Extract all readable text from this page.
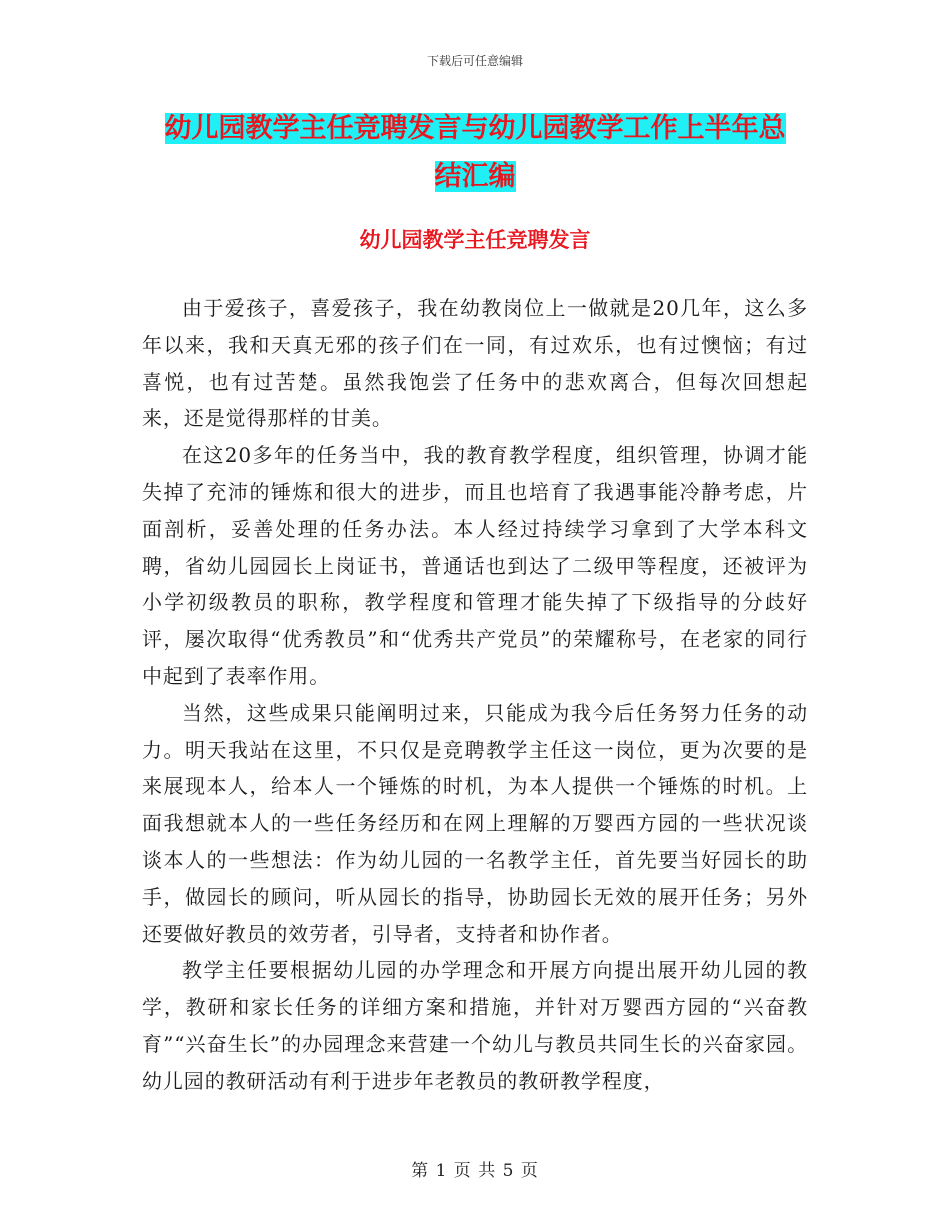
下载后可任意编辑
幼儿园教学主任竞聘发言与幼儿园教学工作上半年总
结汇编
幼儿园教学主任竞聘发言

由于爱孩子，喜爱孩子，我在幼教岗位上一做就是20几年，这么多年以来，我和天真无邪的孩子们在一同，有过欢乐，也有过懊恼；有过喜悦，也有过苦楚。虽然我饱尝了任务中的悲欢离合，但每次回想起来，还是觉得那样的甘美。

在这20多年的任务当中，我的教育教学程度，组织管理，协调才能失掉了充沛的锤炼和很大的进步，而且也培育了我遇事能冷静考虑，片面剖析，妥善处理的任务办法。本人经过持续学习拿到了大学本科文聘，省幼儿园园长上岗证书，普通话也到达了二级甲等程度，还被评为小学初级教员的职称，教学程度和管理才能失掉了下级指导的分歧好评，屡次取得“优秀教员”和“优秀共产党员”的荣耀称号，在老家的同行中起到了表率作用。

当然，这些成果只能阐明过来，只能成为我今后任务努力任务的动力。明天我站在这里，不只仅是竞聘教学主任这一岗位，更为次要的是来展现本人，给本人一个锤炼的时机，为本人提供一个锤炼的时机。上面我想就本人的一些任务经历和在网上理解的万婴西方园的一些状况谈谈本人的一些想法：作为幼儿园的一名教学主任，首先要当好园长的助手，做园长的顾问，听从园长的指导，协助园长无效的展开任务；另外还要做好教员的效劳者，引导者，支持者和协作者。

教学主任要根据幼儿园的办学理念和开展方向提出展开幼儿园的教学，教研和家长任务的详细方案和措施，并针对万婴西方园的“兴奋教育”“兴奋生长”的办园理念来营建一个幼儿与教员共同生长的兴奋家园。幼儿园的教研活动有利于进步年老教员的教研教学程度，

第 1 页 共 5 页
